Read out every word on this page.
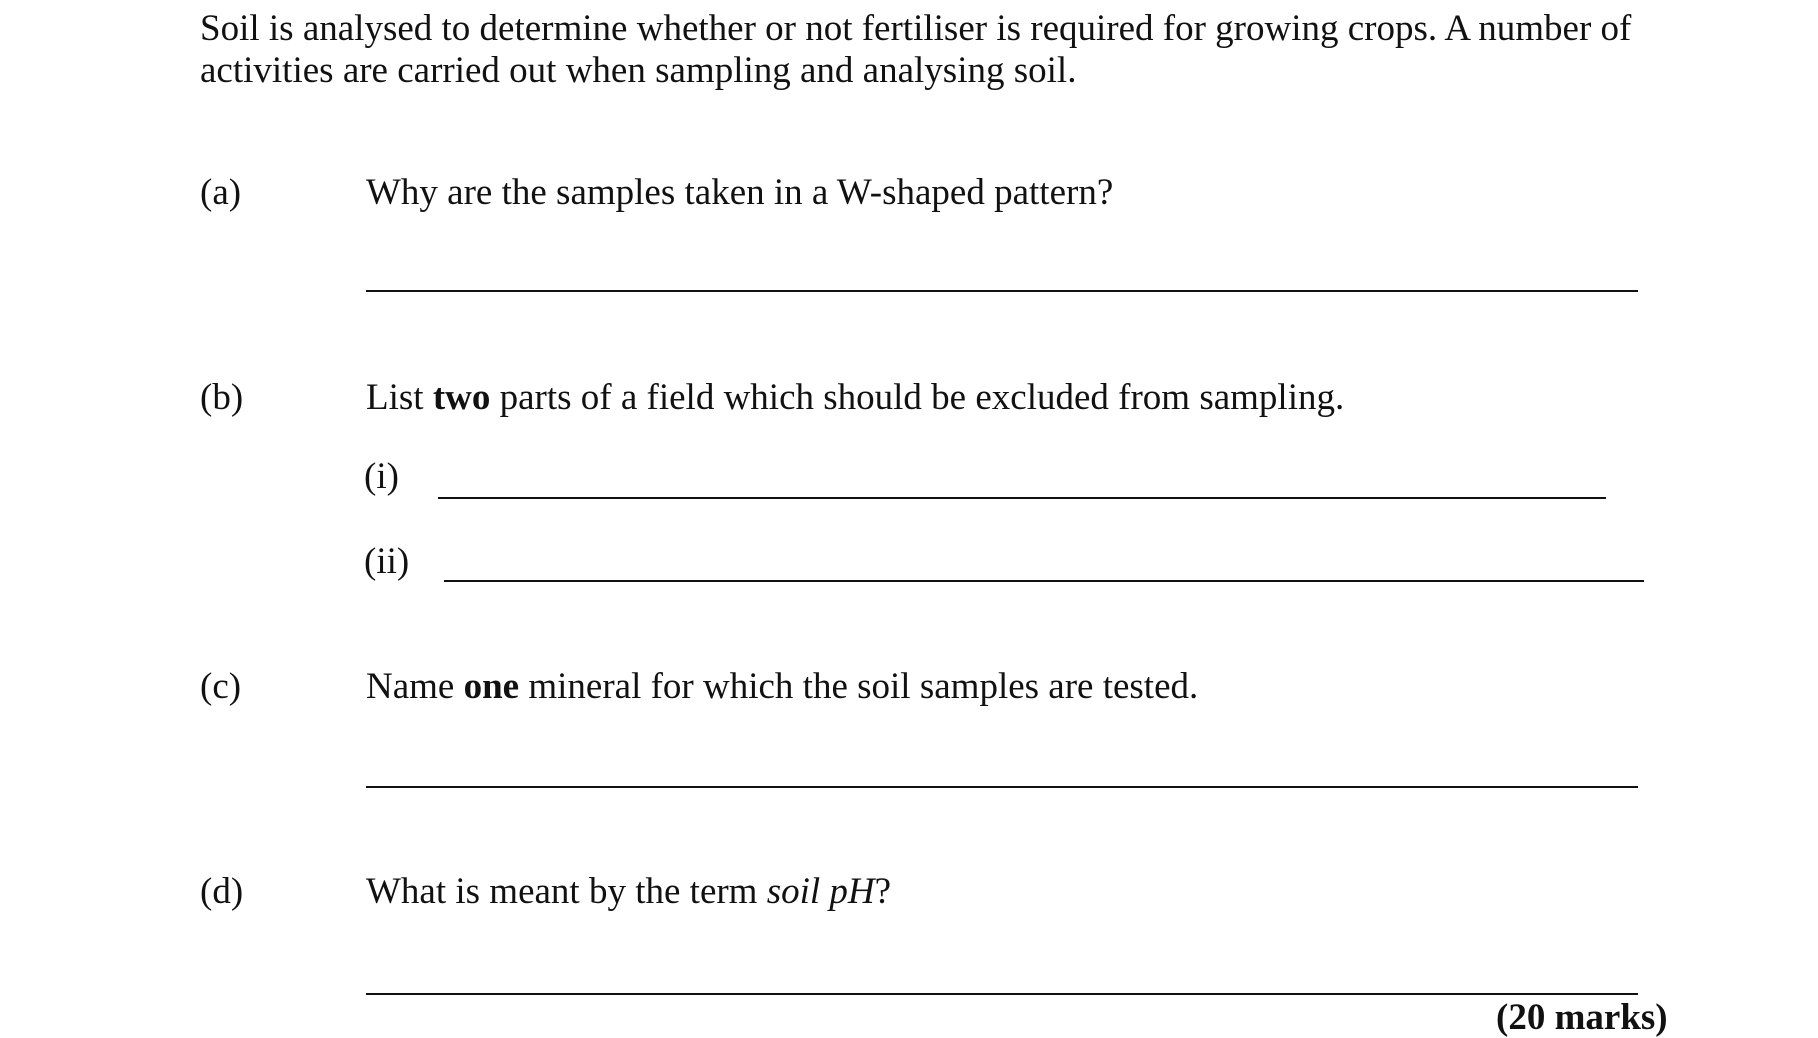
Soil is analysed to determine whether or not fertiliser is required for growing crops. A number of
activities are carried out when sampling and analysing soil.
(a)	Why are the samples taken in a W-shaped pattern?
(b)	List two parts of a field which should be excluded from sampling.
(i)
(ii)
(c)	Name one mineral for which the soil samples are tested.
(d)	What is meant by the term soil pH?
(20 marks)
